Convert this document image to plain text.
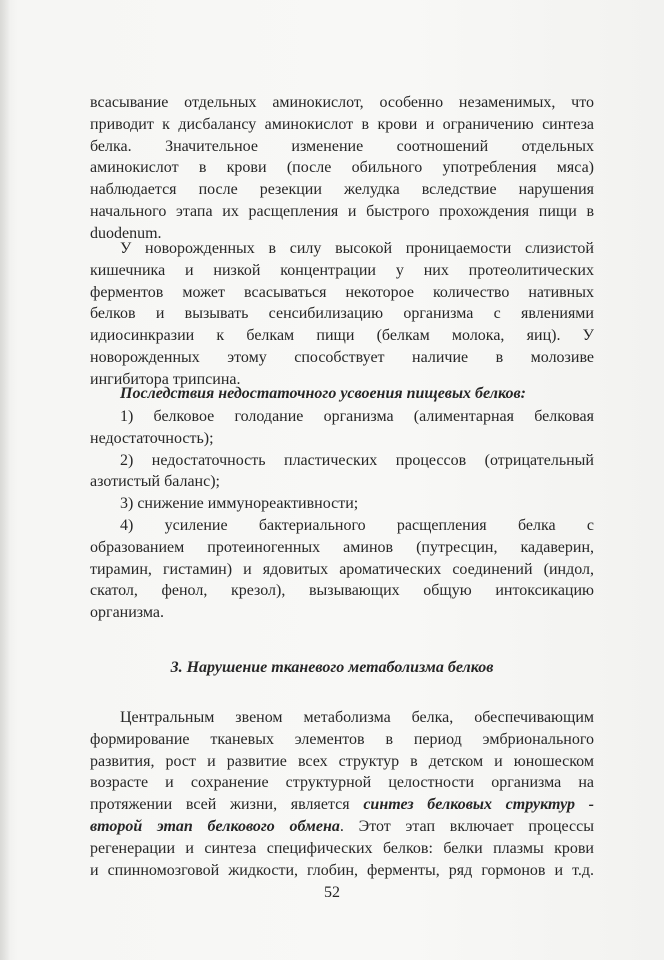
всасывание отдельных аминокислот, особенно незаменимых, что
приводит к дисбалансу аминокислот в крови и ограничению синтеза
белка. Значительное изменение соотношений отдельных
аминокислот в крови (после обильного употребления мяса)
наблюдается после резекции желудка вследствие нарушения
начального этапа их расщепления и быстрого прохождения пищи в
duodenum.
У новорожденных в силу высокой проницаемости слизистой
кишечника и низкой концентрации у них протеолитических
ферментов может всасываться некоторое количество нативных
белков и вызывать сенсибилизацию организма с явлениями
идиосинкразии к белкам пищи (белкам молока, яиц). У
новорожденных этому способствует наличие в молозиве
ингибитора трипсина.
Последствия недостаточного усвоения пищевых белков:
1) белковое голодание организма (алиментарная белковая
недостаточность);
2) недостаточность пластических процессов (отрицательный
азотистый баланс);
3) снижение иммунореактивности;
4) усиление бактериального расщепления белка с
образованием протеиногенных аминов (путресцин, кадаверин,
тирамин, гистамин) и ядовитых ароматических соединений (индол,
скатол, фенол, крезол), вызывающих общую интоксикацию
организма.
3. Нарушение тканевого метаболизма белков
Центральным звеном метаболизма белка, обеспечивающим
формирование тканевых элементов в период эмбрионального
развития, рост и развитие всех структур в детском и юношеском
возрасте и сохранение структурной целостности организма на
протяжении всей жизни, является синтез белковых структур -
второй этап белкового обмена. Этот этап включает процессы
регенерации и синтеза специфических белков: белки плазмы крови
и спинномозговой жидкости, глобин, ферменты, ряд гормонов и т.д.
52
